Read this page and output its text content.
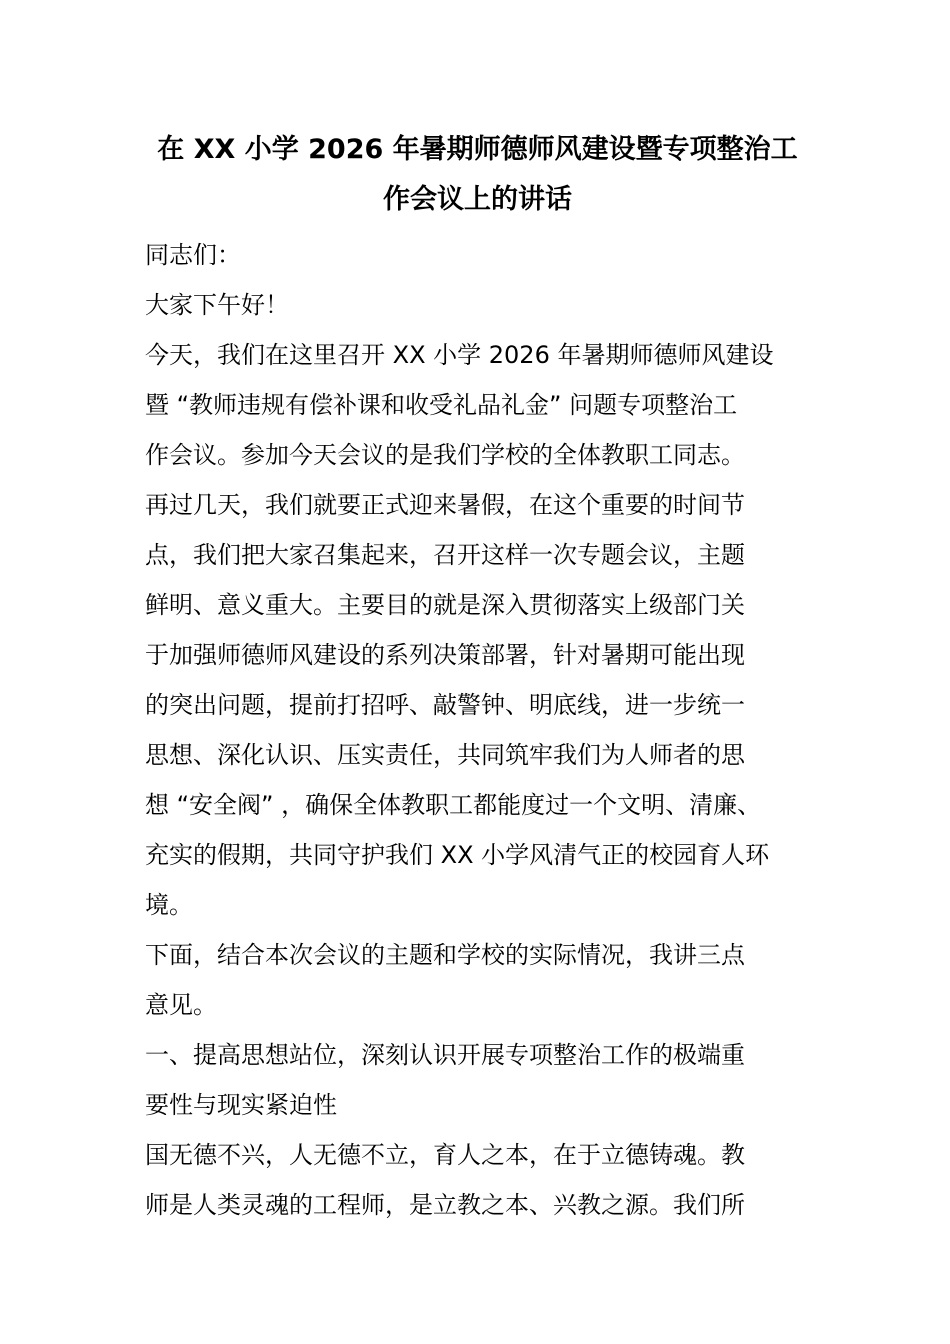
在 XX 小学 2026 年暑期师德师风建设暨专项整治工
作会议上的讲话
同志们：
大家下午好！
今天，我们在这里召开 XX 小学 2026 年暑期师德师风建设
暨 “教师违规有偿补课和收受礼品礼金” 问题专项整治工
作会议。参加今天会议的是我们学校的全体教职工同志。
再过几天，我们就要正式迎来暑假，在这个重要的时间节
点，我们把大家召集起来，召开这样一次专题会议，主题
鲜明、意义重大。主要目的就是深入贯彻落实上级部门关
于加强师德师风建设的系列决策部署，针对暑期可能出现
的突出问题，提前打招呼、敲警钟、明底线，进一步统一
思想、深化认识、压实责任，共同筑牢我们为人师者的思
想 “安全阀” ，确保全体教职工都能度过一个文明、清廉、
充实的假期，共同守护我们 XX 小学风清气正的校园育人环
境。
下面，结合本次会议的主题和学校的实际情况，我讲三点
意见。
一、提高思想站位，深刻认识开展专项整治工作的极端重
要性与现实紧迫性
国无德不兴，人无德不立，育人之本，在于立德铸魂。教
师是人类灵魂的工程师，是立教之本、兴教之源。我们所
